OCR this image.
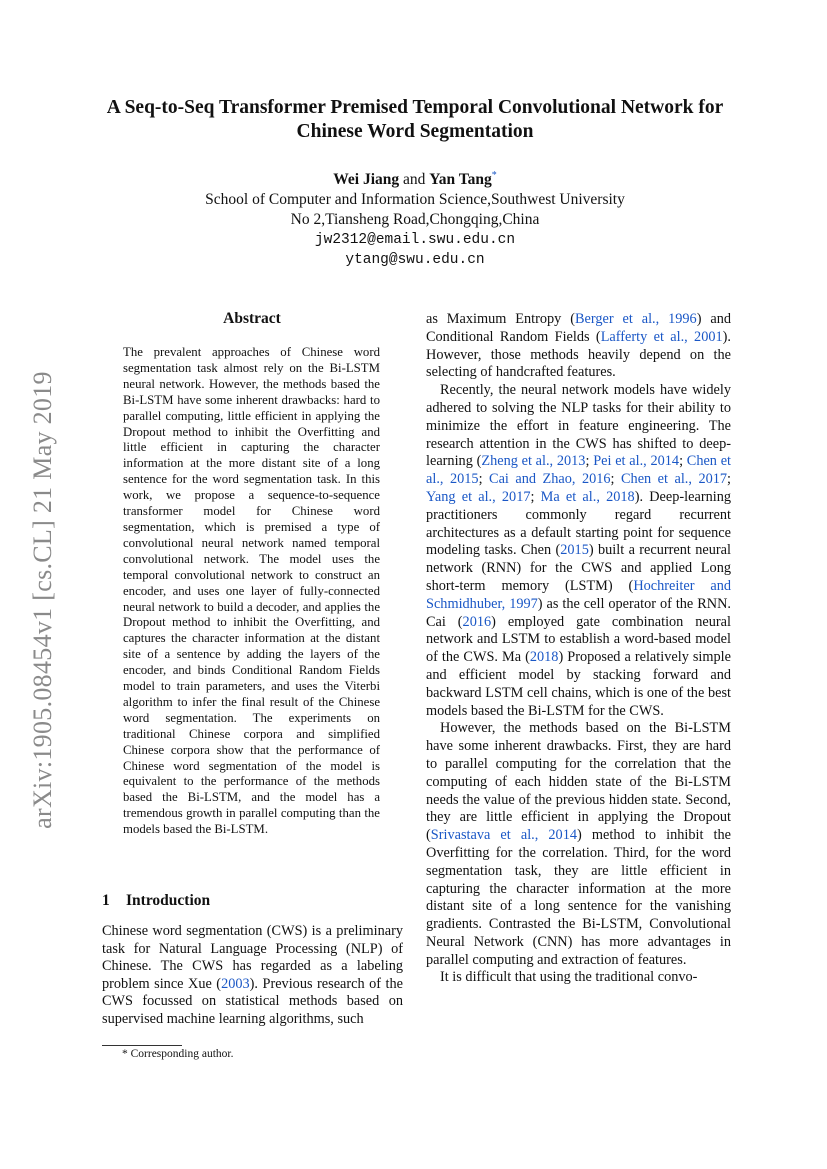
arXiv:1905.08454v1 [cs.CL] 21 May 2019
A Seq-to-Seq Transformer Premised Temporal Convolutional Network for
Chinese Word Segmentation
Wei Jiang and Yan Tang*
School of Computer and Information Science,Southwest University
No 2,Tiansheng Road,Chongqing,China
jw2312@email.swu.edu.cn
ytang@swu.edu.cn
Abstract
The prevalent approaches of Chinese word segmentation task almost rely on the Bi-LSTM neural network. However, the methods based the Bi-LSTM have some inherent drawbacks: hard to parallel computing, little efficient in applying the Dropout method to inhibit the Overfitting and little efficient in capturing the character information at the more distant site of a long sentence for the word segmentation task. In this work, we propose a sequence-to-sequence transformer model for Chinese word segmentation, which is premised a type of convolutional neural network named temporal convolutional network. The model uses the temporal convolutional network to construct an encoder, and uses one layer of fully-connected neural network to build a decoder, and applies the Dropout method to inhibit the Overfitting, and captures the character information at the distant site of a sentence by adding the layers of the encoder, and binds Conditional Random Fields model to train parameters, and uses the Viterbi algorithm to infer the final result of the Chinese word segmentation. The experiments on traditional Chinese corpora and simplified Chinese corpora show that the performance of Chinese word segmentation of the model is equivalent to the performance of the methods based the Bi-LSTM, and the model has a tremendous growth in parallel computing than the models based the Bi-LSTM.
1 Introduction

Chinese word segmentation (CWS) is a preliminary task for Natural Language Processing (NLP) of Chinese. The CWS has regarded as a labeling problem since Xue (2003). Previous research of the CWS focussed on statistical methods based on supervised machine learning algorithms, such

* Corresponding author.

as Maximum Entropy (Berger et al., 1996) and Conditional Random Fields (Lafferty et al., 2001). However, those methods heavily depend on the selecting of handcrafted features.

Recently, the neural network models have widely adhered to solving the NLP tasks for their ability to minimize the effort in feature engineering. The research attention in the CWS has shifted to deep-learning (Zheng et al., 2013; Pei et al., 2014; Chen et al., 2015; Cai and Zhao, 2016; Chen et al., 2017; Yang et al., 2017; Ma et al., 2018). Deep-learning practitioners commonly regard recurrent architectures as a default starting point for sequence modeling tasks. Chen (2015) built a recurrent neural network (RNN) for the CWS and applied Long short-term memory (LSTM) (Hochreiter and Schmidhuber, 1997) as the cell operator of the RNN. Cai (2016) employed gate combination neural network and LSTM to establish a word-based model of the CWS. Ma (2018) Proposed a relatively simple and efficient model by stacking forward and backward LSTM cell chains, which is one of the best models based the Bi-LSTM for the CWS.

However, the methods based on the Bi-LSTM have some inherent drawbacks. First, they are hard to parallel computing for the correlation that the computing of each hidden state of the Bi-LSTM needs the value of the previous hidden state. Second, they are little efficient in applying the Dropout (Srivastava et al., 2014) method to inhibit the Overfitting for the correlation. Third, for the word segmentation task, they are little efficient in capturing the character information at the more distant site of a long sentence for the vanishing gradients. Contrasted the Bi-LSTM, Convolutional Neural Network (CNN) has more advantages in parallel computing and extraction of features.

It is difficult that using the traditional convo-
